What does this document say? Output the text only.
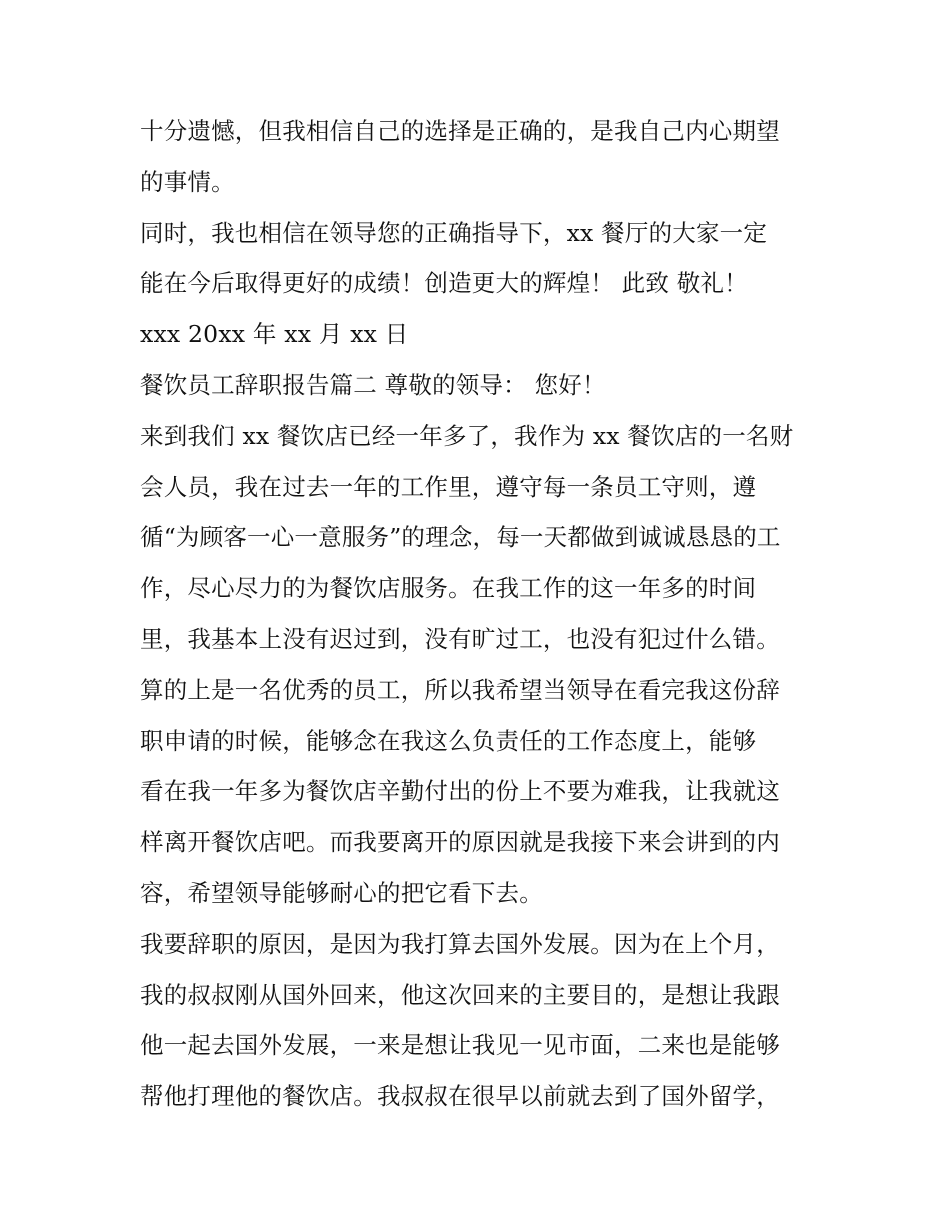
十分遗憾，但我相信自己的选择是正确的，是我自己内心期望
的事情。
同时，我也相信在领导您的正确指导下，xx 餐厅的大家一定
能在今后取得更好的成绩！创造更大的辉煌！ 此致 敬礼！
xxx 20xx 年 xx 月 xx 日
餐饮员工辞职报告篇二 尊敬的领导： 您好！
来到我们 xx 餐饮店已经一年多了，我作为 xx 餐饮店的一名财
会人员，我在过去一年的工作里，遵守每一条员工守则，遵
循“为顾客一心一意服务”的理念，每一天都做到诚诚恳恳的工
作，尽心尽力的为餐饮店服务。在我工作的这一年多的时间
里，我基本上没有迟过到，没有旷过工，也没有犯过什么错。
算的上是一名优秀的员工，所以我希望当领导在看完我这份辞
职申请的时候，能够念在我这么负责任的工作态度上，能够
看在我一年多为餐饮店辛勤付出的份上不要为难我，让我就这
样离开餐饮店吧。而我要离开的原因就是我接下来会讲到的内
容，希望领导能够耐心的把它看下去。
我要辞职的原因，是因为我打算去国外发展。因为在上个月，
我的叔叔刚从国外回来，他这次回来的主要目的，是想让我跟
他一起去国外发展，一来是想让我见一见市面，二来也是能够
帮他打理他的餐饮店。我叔叔在很早以前就去到了国外留学，
